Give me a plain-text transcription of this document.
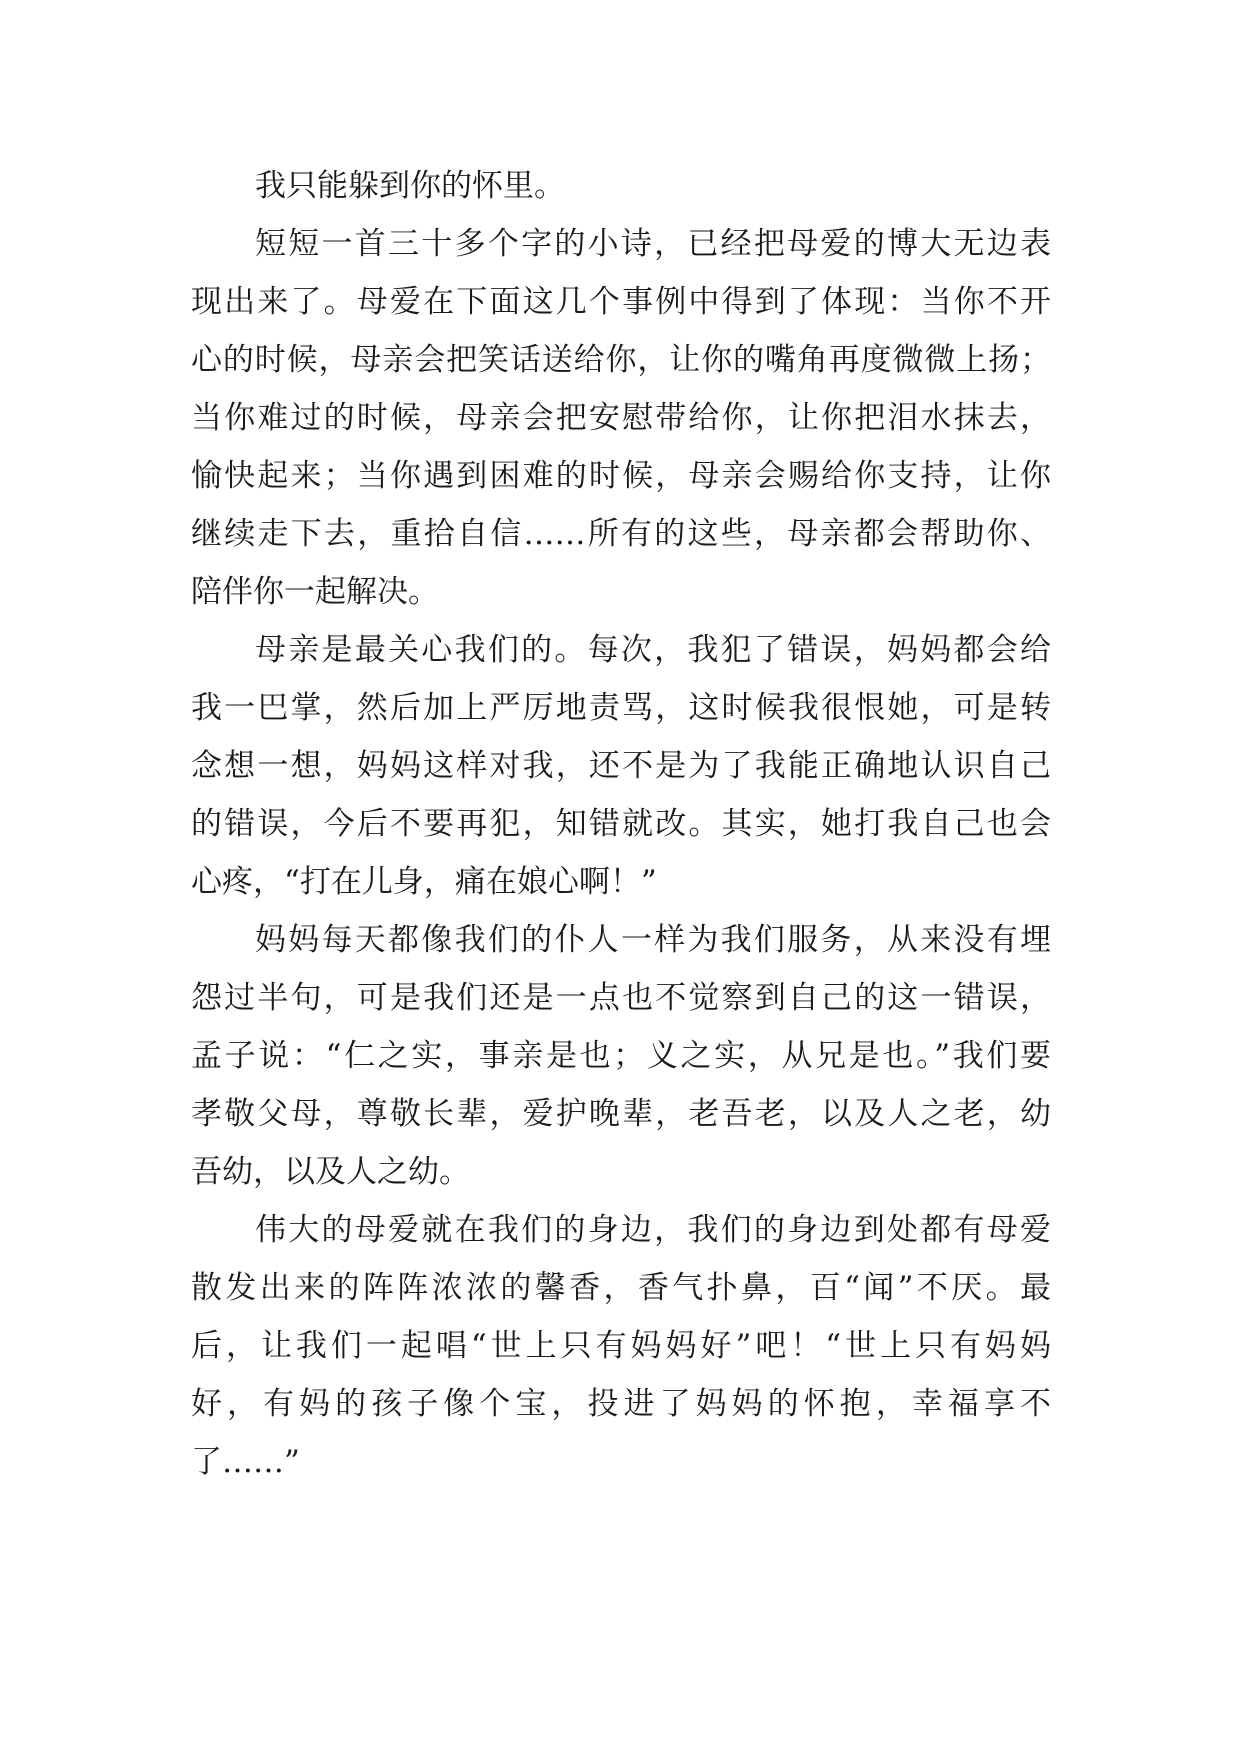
我只能躲到你的怀里。
短短一首三十多个字的小诗，已经把母爱的博大无边表
现出来了。母爱在下面这几个事例中得到了体现：当你不开
心的时候，母亲会把笑话送给你，让你的嘴角再度微微上扬；
当你难过的时候，母亲会把安慰带给你，让你把泪水抹去，
愉快起来；当你遇到困难的时候，母亲会赐给你支持，让你
继续走下去，重拾自信……所有的这些，母亲都会帮助你、
陪伴你一起解决。
母亲是最关心我们的。每次，我犯了错误，妈妈都会给
我一巴掌，然后加上严厉地责骂，这时候我很恨她，可是转
念想一想，妈妈这样对我，还不是为了我能正确地认识自己
的错误，今后不要再犯，知错就改。其实，她打我自己也会
心疼，“打在儿身，痛在娘心啊！”
妈妈每天都像我们的仆人一样为我们服务，从来没有埋
怨过半句，可是我们还是一点也不觉察到自己的这一错误，
孟子说：“仁之实，事亲是也；义之实，从兄是也。”我们要
孝敬父母，尊敬长辈，爱护晚辈，老吾老，以及人之老，幼
吾幼，以及人之幼。
伟大的母爱就在我们的身边，我们的身边到处都有母爱
散发出来的阵阵浓浓的馨香，香气扑鼻，百“闻”不厌。最
后，让我们一起唱“世上只有妈妈好”吧！“世上只有妈妈
好，有妈的孩子像个宝，投进了妈妈的怀抱，幸福享不
了……”
